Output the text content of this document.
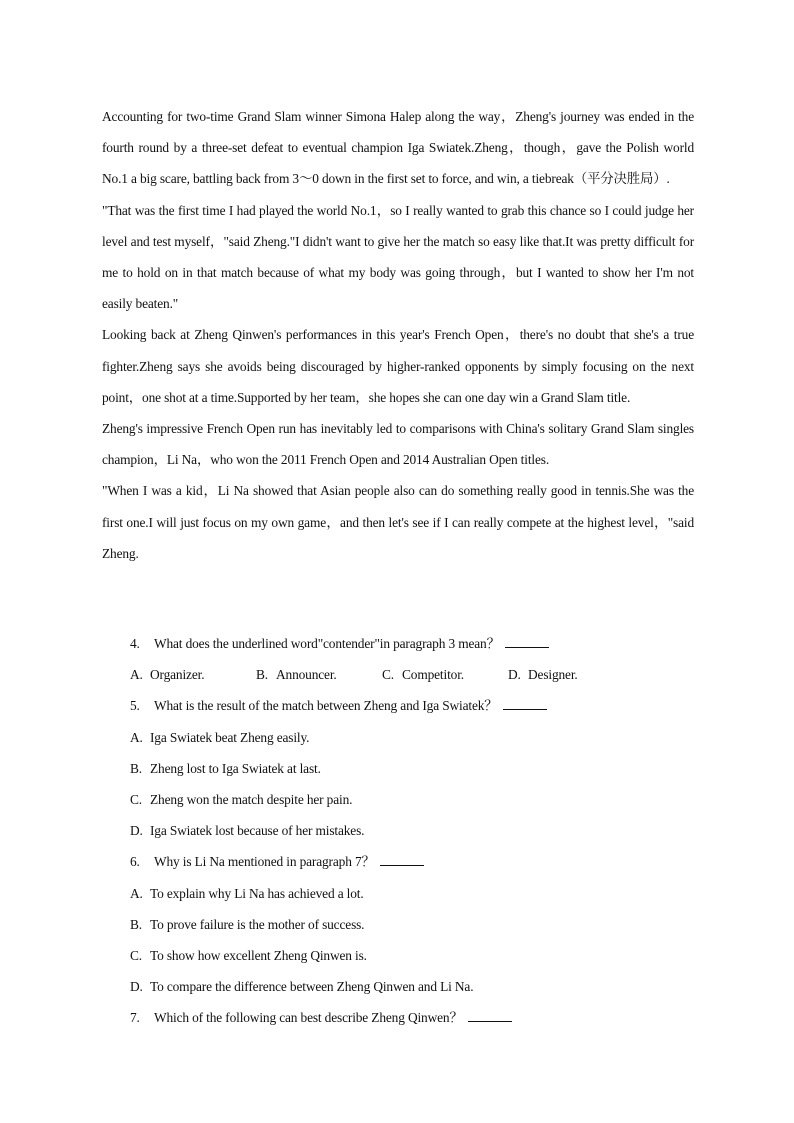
Accounting for two-time Grand Slam winner Simona Halep along the way，Zheng's journey was ended in the fourth round by a three-set defeat to eventual champion Iga Swiatek.Zheng，though，gave the Polish world No.1 a big scare, battling back from 3～0 down in the first set to force, and win, a tiebreak（平分决胜局）.

"That was the first time I had played the world No.1，so I really wanted to grab this chance so I could judge her level and test myself，"said Zheng."I didn't want to give her the match so easy like that.It was pretty difficult for me to hold on in that match because of what my body was going through，but I wanted to show her I'm not easily beaten."

Looking back at Zheng Qinwen's performances in this year's French Open，there's no doubt that she's a true fighter.Zheng says she avoids being discouraged by higher-ranked opponents by simply focusing on the next point，one shot at a time.Supported by her team，she hopes she can one day win a Grand Slam title.

Zheng's impressive French Open run has inevitably led to comparisons with China's solitary Grand Slam singles champion，Li Na，who won the 2011 French Open and 2014 Australian Open titles.

"When I was a kid，Li Na showed that Asian people also can do something really good in tennis.She was the first one.I will just focus on my own game，and then let's see if I can really compete at the highest level，"said Zheng.

4. What does the underlined word"contender"in paragraph 3 mean？
A. Organizer.	B. Announcer.	C. Competitor.	D. Designer.
5. What is the result of the match between Zheng and Iga Swiatek？
A. Iga Swiatek beat Zheng easily.
B. Zheng lost to Iga Swiatek at last.
C. Zheng won the match despite her pain.
D. Iga Swiatek lost because of her mistakes.
6. Why is Li Na mentioned in paragraph 7？
A. To explain why Li Na has achieved a lot.
B. To prove failure is the mother of success.
C. To show how excellent Zheng Qinwen is.
D. To compare the difference between Zheng Qinwen and Li Na.
7. Which of the following can best describe Zheng Qinwen？
